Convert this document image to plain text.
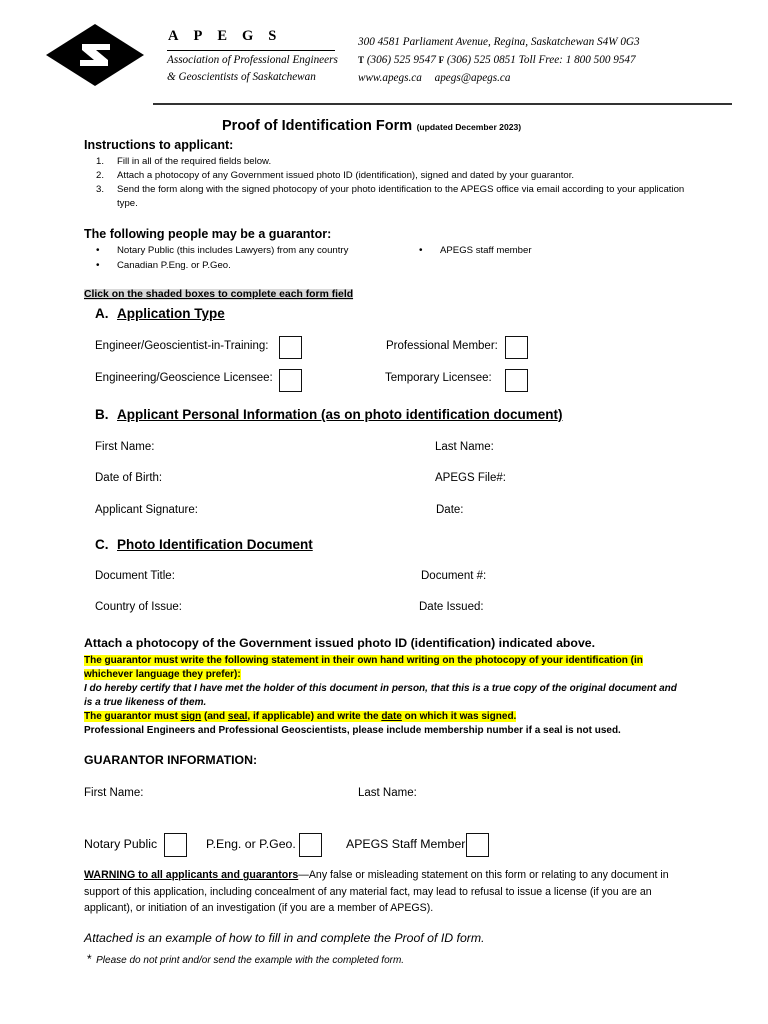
APEGS
Association of Professional Engineers
& Geoscientists of Saskatchewan
300 4581 Parliament Avenue, Regina, Saskatchewan S4W 0G3
T (306) 525 9547 F (306) 525 0851 Toll Free: 1 800 500 9547
www.apegs.ca apegs@apegs.ca
Proof of Identification Form (updated December 2023)
Instructions to applicant:
1. Fill in all of the required fields below.
2. Attach a photocopy of any Government issued photo ID (identification), signed and dated by your guarantor.
3. Send the form along with the signed photocopy of your photo identification to the APEGS office via email according to your application type.
The following people may be a guarantor:
• Notary Public (this includes Lawyers) from any country
• Canadian P.Eng. or P.Geo.
• APEGS staff member
Click on the shaded boxes to complete each form field
A. Application Type
Engineer/Geoscientist-in-Training:	Professional Member:
Engineering/Geoscience Licensee:	Temporary Licensee:
B. Applicant Personal Information (as on photo identification document)
First Name:	Last Name:
Date of Birth:	APEGS File#:
Applicant Signature:	Date:
C. Photo Identification Document
Document Title:	Document #:
Country of Issue:	Date Issued:
Attach a photocopy of the Government issued photo ID (identification) indicated above.
The guarantor must write the following statement in their own hand writing on the photocopy of your identification (in whichever language they prefer):
I do hereby certify that I have met the holder of this document in person, that this is a true copy of the original document and is a true likeness of them.
The guarantor must sign (and seal, if applicable) and write the date on which it was signed.
Professional Engineers and Professional Geoscientists, please include membership number if a seal is not used.
GUARANTOR INFORMATION:
First Name:	Last Name:
Notary Public	P.Eng. or P.Geo.	APEGS Staff Member
WARNING to all applicants and guarantors—Any false or misleading statement on this form or relating to any document in support of this application, including concealment of any material fact, may lead to refusal to issue a license (if you are an applicant), or initiation of an investigation (if you are a member of APEGS).
Attached is an example of how to fill in and complete the Proof of ID form.
* Please do not print and/or send the example with the completed form.
